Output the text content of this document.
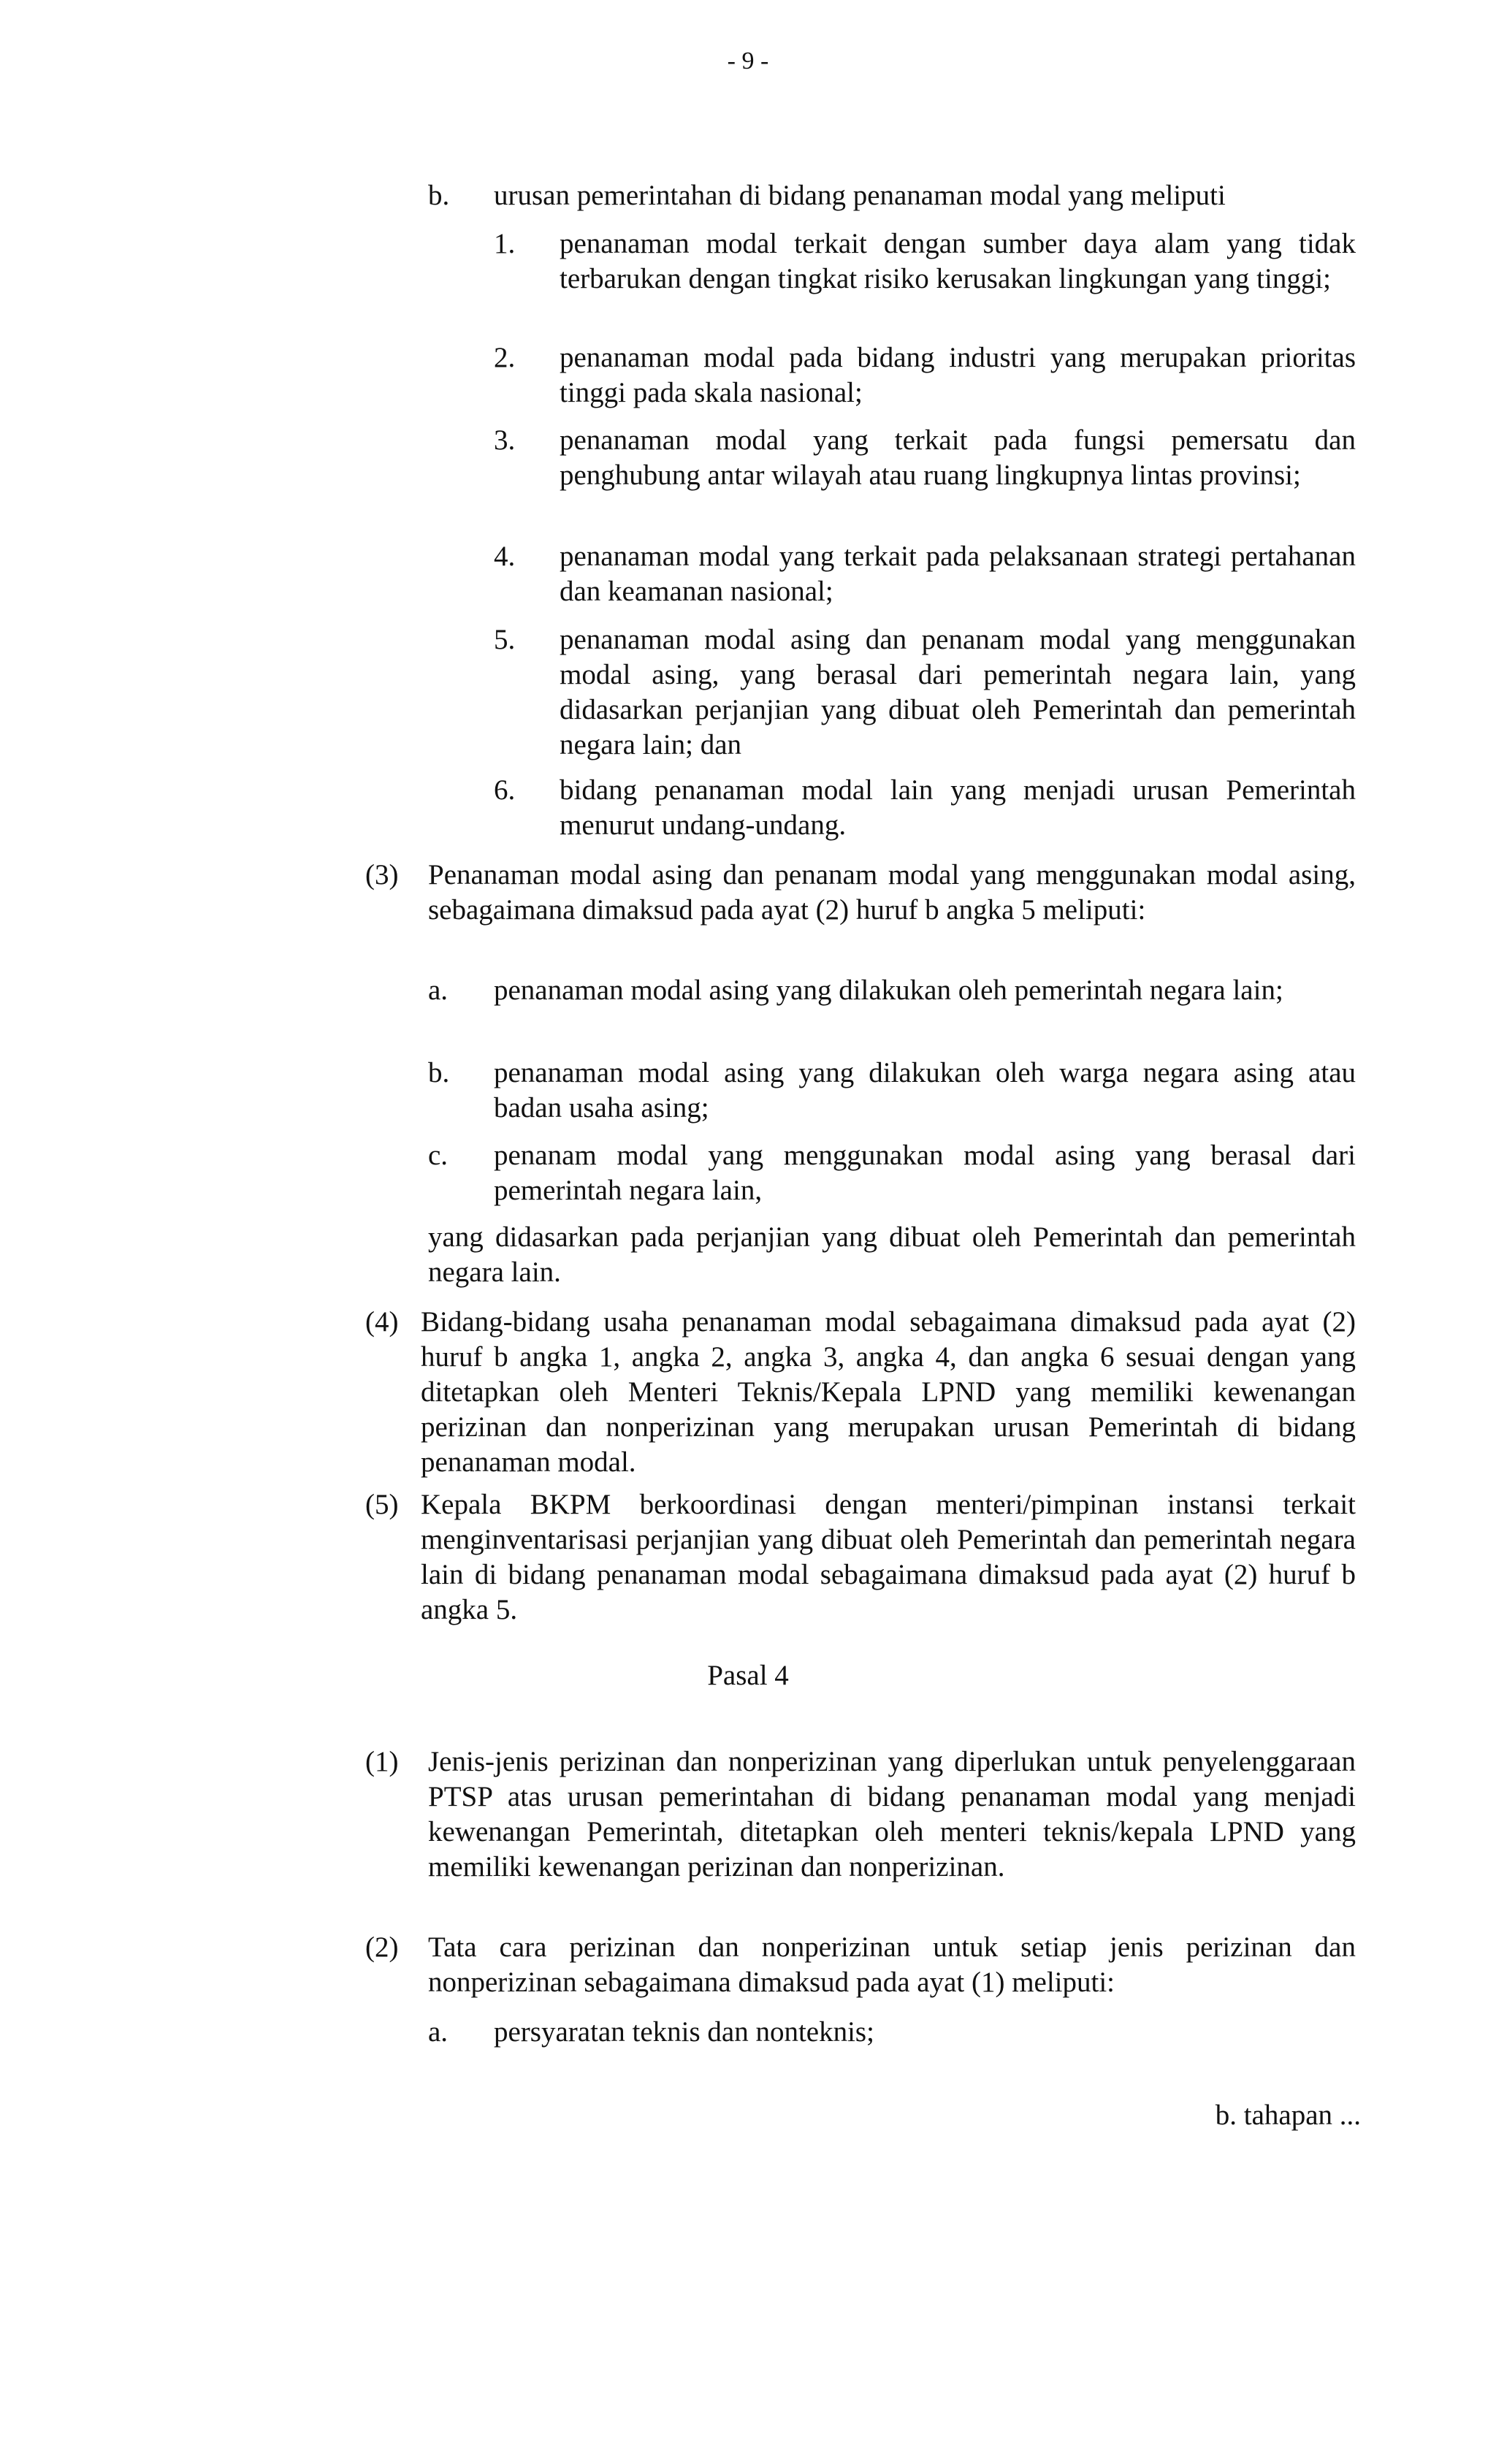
- 9 -
b. urusan pemerintahan di bidang penanaman modal yang meliputi
1. penanaman modal terkait dengan sumber daya alam yang tidak terbarukan dengan tingkat risiko kerusakan lingkungan yang tinggi;
2. penanaman modal pada bidang industri yang merupakan prioritas tinggi pada skala nasional;
3. penanaman modal yang terkait pada fungsi pemersatu dan penghubung antar wilayah atau ruang lingkupnya lintas provinsi;
4. penanaman modal yang terkait pada pelaksanaan strategi pertahanan dan keamanan nasional;
5. penanaman modal asing dan penanam modal yang menggunakan modal asing, yang berasal dari pemerintah negara lain, yang didasarkan perjanjian yang dibuat oleh Pemerintah dan pemerintah negara lain; dan
6. bidang penanaman modal lain yang menjadi urusan Pemerintah menurut undang-undang.
(3) Penanaman modal asing dan penanam modal yang menggunakan modal asing, sebagaimana dimaksud pada ayat (2) huruf b angka 5 meliputi:
a. penanaman modal asing yang dilakukan oleh pemerintah negara lain;
b. penanaman modal asing yang dilakukan oleh warga negara asing atau badan usaha asing;
c. penanam modal yang menggunakan modal asing yang berasal dari pemerintah negara lain,
yang didasarkan pada perjanjian yang dibuat oleh Pemerintah dan pemerintah negara lain.
(4) Bidang-bidang usaha penanaman modal sebagaimana dimaksud pada ayat (2) huruf b angka 1, angka 2, angka 3, angka 4, dan angka 6 sesuai dengan yang ditetapkan oleh Menteri Teknis/Kepala LPND yang memiliki kewenangan perizinan dan nonperizinan yang merupakan urusan Pemerintah di bidang penanaman modal.
(5) Kepala BKPM berkoordinasi dengan menteri/pimpinan instansi terkait menginventarisasi perjanjian yang dibuat oleh Pemerintah dan pemerintah negara lain di bidang penanaman modal sebagaimana dimaksud pada ayat (2) huruf b angka 5.
Pasal 4
(1) Jenis-jenis perizinan dan nonperizinan yang diperlukan untuk penyelenggaraan PTSP atas urusan pemerintahan di bidang penanaman modal yang menjadi kewenangan Pemerintah, ditetapkan oleh menteri teknis/kepala LPND yang memiliki kewenangan perizinan dan nonperizinan.
(2) Tata cara perizinan dan nonperizinan untuk setiap jenis perizinan dan nonperizinan sebagaimana dimaksud pada ayat (1) meliputi:
a. persyaratan teknis dan nonteknis;
b. tahapan ...
